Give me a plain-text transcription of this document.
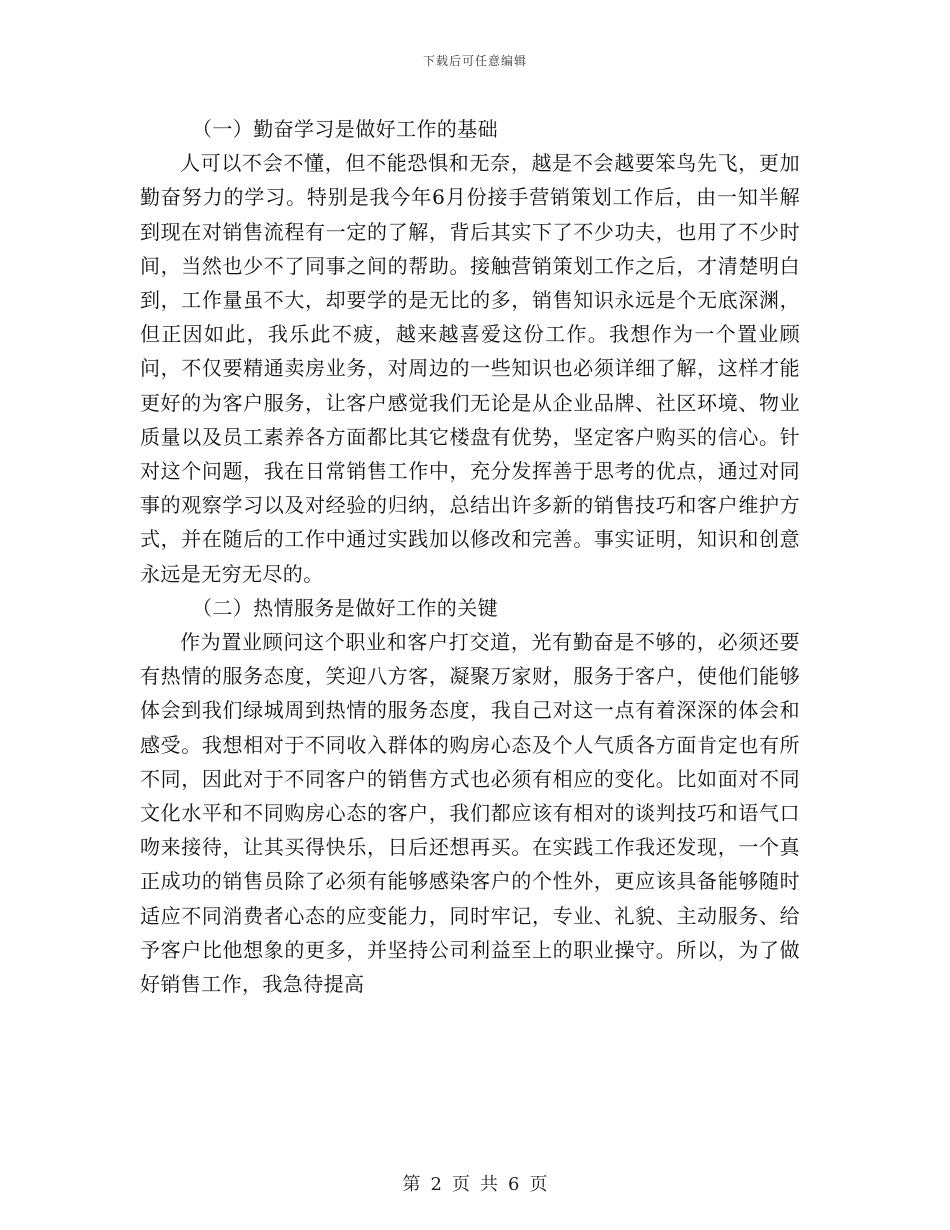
下载后可任意编辑

（一）勤奋学习是做好工作的基础

人可以不会不懂，但不能恐惧和无奈，越是不会越要笨鸟先飞，更加勤奋努力的学习。特别是我今年6月份接手营销策划工作后，由一知半解到现在对销售流程有一定的了解，背后其实下了不少功夫，也用了不少时间，当然也少不了同事之间的帮助。接触营销策划工作之后，才清楚明白到，工作量虽不大，却要学的是无比的多，销售知识永远是个无底深渊，但正因如此，我乐此不疲，越来越喜爱这份工作。我想作为一个置业顾问，不仅要精通卖房业务，对周边的一些知识也必须详细了解，这样才能更好的为客户服务，让客户感觉我们无论是从企业品牌、社区环境、物业质量以及员工素养各方面都比其它楼盘有优势，坚定客户购买的信心。针对这个问题，我在日常销售工作中，充分发挥善于思考的优点，通过对同事的观察学习以及对经验的归纳，总结出许多新的销售技巧和客户维护方式，并在随后的工作中通过实践加以修改和完善。事实证明，知识和创意永远是无穷无尽的。

（二）热情服务是做好工作的关键

作为置业顾问这个职业和客户打交道，光有勤奋是不够的，必须还要有热情的服务态度，笑迎八方客，凝聚万家财，服务于客户，使他们能够体会到我们绿城周到热情的服务态度，我自己对这一点有着深深的体会和感受。我想相对于不同收入群体的购房心态及个人气质各方面肯定也有所不同，因此对于不同客户的销售方式也必须有相应的变化。比如面对不同文化水平和不同购房心态的客户，我们都应该有相对的谈判技巧和语气口吻来接待，让其买得快乐，日后还想再买。在实践工作我还发现，一个真正成功的销售员除了必须有能够感染客户的个性外，更应该具备能够随时适应不同消费者心态的应变能力，同时牢记，专业、礼貌、主动服务、给予客户比他想象的更多，并坚持公司利益至上的职业操守。所以，为了做好销售工作，我急待提高

第 2 页 共 6 页
